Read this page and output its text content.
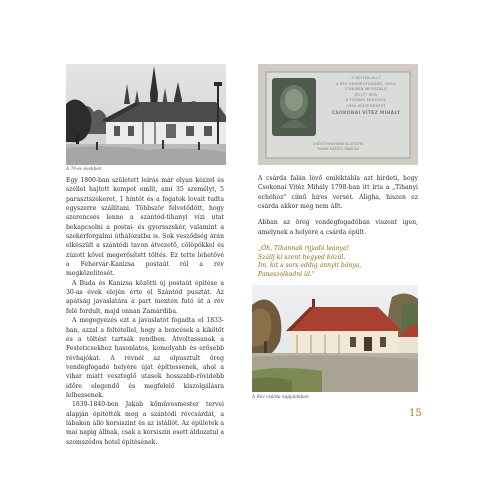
A 70-es években
E HELYEN ÁLLT
A RÉV VENDÉGFOGADÓ, AHOL
1798-BAN MEGSZÁLLT
ÉS ITT ÍRTA
A TIHANYI EKHÓHOZ
CÍMŰ KÖLTEMÉNYÉT
CSOKONAI VITÉZ MIHÁLY
A KÖLTŐ EMLÉKÉRE ÁLLÍTTATTA
TIHANY KÖZSÉG TANÁCSA

Egy 1800-ban született leírás már olyan kézzel és széllel hajtott kompot említ, ami 35 személyt, 5 parasztszekeret, 1 hintót és a fogatok lovait tudta egyszerre szállítani. Többször felvetődött, hogy szerencsés lenne a szántód-tihanyi vízi utat bekapcsolni a postai- és gyorsszekér, valamint a szekérforgalmi úthálózatba is. Sok vesződség árán elkészült a szántódi tavon átvezető, cölöpökkel és zúzott kővel megerősített töltés. Ez tette lehetővé a Fehérvár-Kanizsa postaút ról a rév megközelítését.

A Buda és Kanizsa közötti új postaút építése a 30-as évek elején érte el Szántód pusztát. Az apátság javaslatára a part mentén futó út a rév felé fordult, majd onnan Zamárdiba.

A megegyezés ezt a javaslatot fogadta el 1833-ban, azzal a feltétellel, hogy a bencések a kikötőt és a töltést tartsák rendben. Átvoltassanak a Festeticsekhez hasonlatos, komolyabb és erősebb révhajókat. A révnél az elpusztult öreg vendégfogadó helyére újat építtessenek, ahol a vihar miatt veszteglő utasok hosszabb-rövidebb időre elegendő és megfelelő kiszolgálásra lelhessenek.

1839-1840-ben Jakab kőművesmester tervei alapján építették meg a szántódi révcsárdát, a lábakon álló korsiszint és az istállót. Az épületek a mai napig állnak, csak a korsiszín esett áldozatul a szomszédos hotel építésének.

A csárda falán lévő emléktábla azt hirdeti, hogy Csokonai Vitéz Mihály 1798-ban itt írta a „Tihanyi echóhoz" című híres versét. Aligha, hiszen ez csárda akkor még nem állt.

Abban az öreg vendégfogadóban viszont igen, amelynek a helyére a csárda épült.

„Óh, Tihannak rijjadó leánya!
Szállj ki szent hegyed közül.
Ím, kit a sors eddig annyit bánya,
Panaszolkodni ül."
A Rév csárda napjainkban
15
